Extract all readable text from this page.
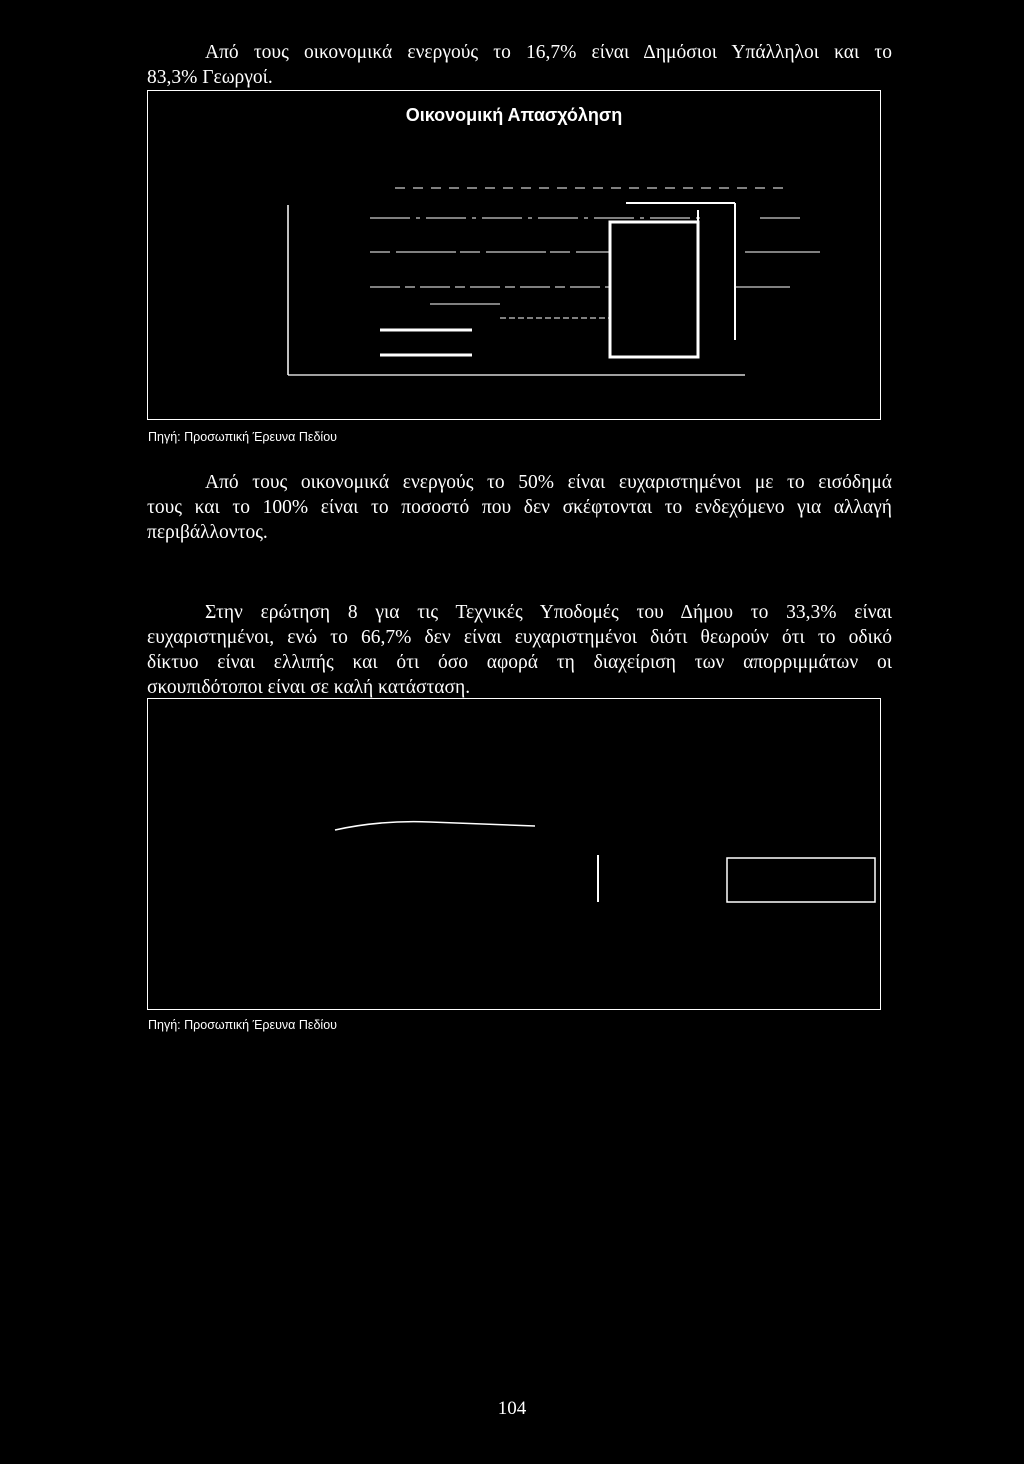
Από τους οικονομικά ενεργούς το 16,7% είναι Δημόσιοι Υπάλληλοι και το
83,3% Γεωργοί.
Οικονομική Απασχόληση
Πηγή: Προσωπική Έρευνα Πεδίου
Από τους οικονομικά ενεργούς το 50% είναι ευχαριστημένοι με το εισόδημά
τους και το 100% είναι το ποσοστό που δεν σκέφτονται το ενδεχόμενο για αλλαγή
περιβάλλοντος.
Στην ερώτηση 8 για τις Τεχνικές Υποδομές του Δήμου το 33,3% είναι
ευχαριστημένοι, ενώ το 66,7% δεν είναι ευχαριστημένοι διότι θεωρούν ότι το οδικό
δίκτυο είναι ελλιπής και ότι όσο αφορά τη διαχείριση των απορριμμάτων οι
σκουπιδότοποι είναι σε καλή κατάσταση.
Πηγή: Προσωπική Έρευνα Πεδίου
104
